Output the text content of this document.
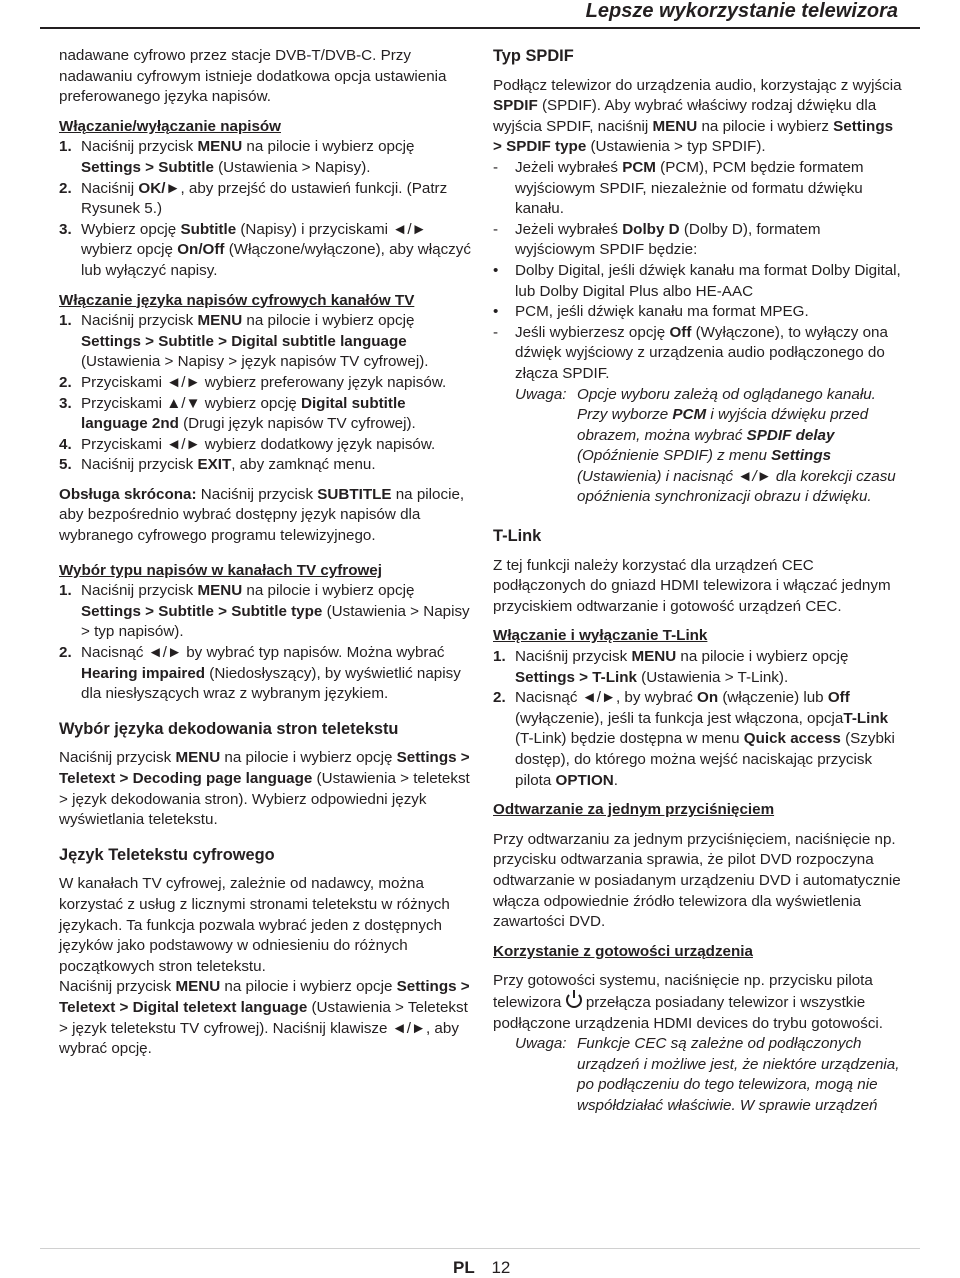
Lepsze wykorzystanie telewizora

nadawane cyfrowo przez stacje DVB-T/DVB-C. Przy nadawaniu cyfrowym istnieje dodatkowa opcja ustawienia preferowanego języka napisów.

Włączanie/wyłączanie napisów

1. Naciśnij przycisk MENU na pilocie i wybierz opcję Settings > Subtitle (Ustawienia > Napisy).
2. Naciśnij OK/►, aby przejść do ustawień funkcji. (Patrz Rysunek 5.)
3. Wybierz opcję Subtitle (Napisy) i przyciskami ◄/► wybierz opcję On/Off (Włączone/wyłączone), aby włączyć lub wyłączyć napisy.

Włączanie języka napisów cyfrowych kanałów TV

1. Naciśnij przycisk MENU na pilocie i wybierz opcję Settings > Subtitle > Digital subtitle language (Ustawienia > Napisy > język napisów TV cyfrowej).
2. Przyciskami ◄/► wybierz preferowany język napisów.
3. Przyciskami ▲/▼ wybierz opcję Digital subtitle language 2nd (Drugi język napisów TV cyfrowej).
4. Przyciskami ◄/► wybierz dodatkowy język napisów.
5. Naciśnij przycisk EXIT, aby zamknąć menu.

Obsługa skrócona: Naciśnij przycisk SUBTITLE na pilocie, aby bezpośrednio wybrać dostępny język napisów dla wybranego cyfrowego programu telewizyjnego.

Wybór typu napisów w kanałach TV cyfrowej

1. Naciśnij przycisk MENU na pilocie i wybierz opcję Settings > Subtitle > Subtitle type (Ustawienia > Napisy > typ napisów).
2. Nacisnąć ◄/► by wybrać typ napisów. Można wybrać Hearing impaired (Niedosłyszący), by wyświetlić napisy dla niesłyszących wraz z wybranym językiem.

Wybór języka dekodowania stron teletekstu

Naciśnij przycisk MENU na pilocie i wybierz opcję Settings > Teletext > Decoding page language (Ustawienia > teletekst > język dekodowania stron). Wybierz odpowiedni język wyświetlania teletekstu.

Język Teletekstu cyfrowego

W kanałach TV cyfrowej, zależnie od nadawcy, można korzystać z usług z licznymi stronami teletekstu w różnych językach. Ta funkcja pozwala wybrać jeden z dostępnych języków jako podstawowy w odniesieniu do różnych początkowych stron teletekstu.

Naciśnij przycisk MENU na pilocie i wybierz opcje Settings > Teletext > Digital teletext language (Ustawienia > Teletekst > język teletekstu TV cyfrowej). Naciśnij klawisze ◄/►, aby wybrać opcję.

Typ SPDIF

Podłącz telewizor do urządzenia audio, korzystając z wyjścia SPDIF (SPDIF). Aby wybrać właściwy rodzaj dźwięku dla wyjścia SPDIF, naciśnij MENU na pilocie i wybierz Settings > SPDIF type (Ustawienia > typ SPDIF).

- Jeżeli wybrałeś PCM (PCM), PCM będzie formatem wyjściowym SPDIF, niezależnie od formatu dźwięku kanału.
- Jeżeli wybrałeś Dolby D (Dolby D), formatem wyjściowym SPDIF będzie:
• Dolby Digital, jeśli dźwięk kanału ma format Dolby Digital, lub Dolby Digital Plus albo HE-AAC
• PCM, jeśli dźwięk kanału ma format MPEG.
- Jeśli wybierzesz opcję Off (Wyłączone), to wyłączy ona dźwięk wyjściowy z urządzenia audio podłączonego do złącza SPDIF.
Uwaga: Opcje wyboru zależą od oglądanego kanału. Przy wyborze PCM i wyjścia dźwięku przed obrazem, można wybrać SPDIF delay (Opóźnienie SPDIF) z menu Settings (Ustawienia) i nacisnąć ◄/► dla korekcji czasu opóźnienia synchronizacji obrazu i dźwięku.

T-Link

Z tej funkcji należy korzystać dla urządzeń CEC podłączonych do gniazd HDMI telewizora i włączać jednym przyciskiem odtwarzanie i gotowość urządzeń CEC.

Włączanie i wyłączanie T-Link

1. Naciśnij przycisk MENU na pilocie i wybierz opcję Settings > T-Link (Ustawienia > T-Link).
2. Nacisnąć ◄/►, by wybrać On (włączenie) lub Off (wyłączenie), jeśli ta funkcja jest włączona, opcjaT-Link (T-Link) będzie dostępna w menu Quick access (Szybki dostęp), do którego można wejść naciskając przycisk pilota OPTION.

Odtwarzanie za jednym przyciśnięciem

Przy odtwarzaniu za jednym przyciśnięciem, naciśnięcie np. przycisku odtwarzania sprawia, że pilot DVD rozpoczyna odtwarzanie w posiadanym urządzeniu DVD i automatycznie włącza odpowiednie źródło telewizora dla wyświetlenia zawartości DVD.

Korzystanie z gotowości urządzenia

Przy gotowości systemu, naciśnięcie np. przycisku pilota telewizora  przełącza posiadany telewizor i wszystkie podłączone urządzenia HDMI devices do trybu gotowości.

Uwaga: Funkcje CEC są zależne od podłączonych urządzeń i możliwe jest, że niektóre urządzenia, po podłączeniu do tego telewizora, mogą nie współdziałać właściwie. W sprawie urządzeń
PL 12
